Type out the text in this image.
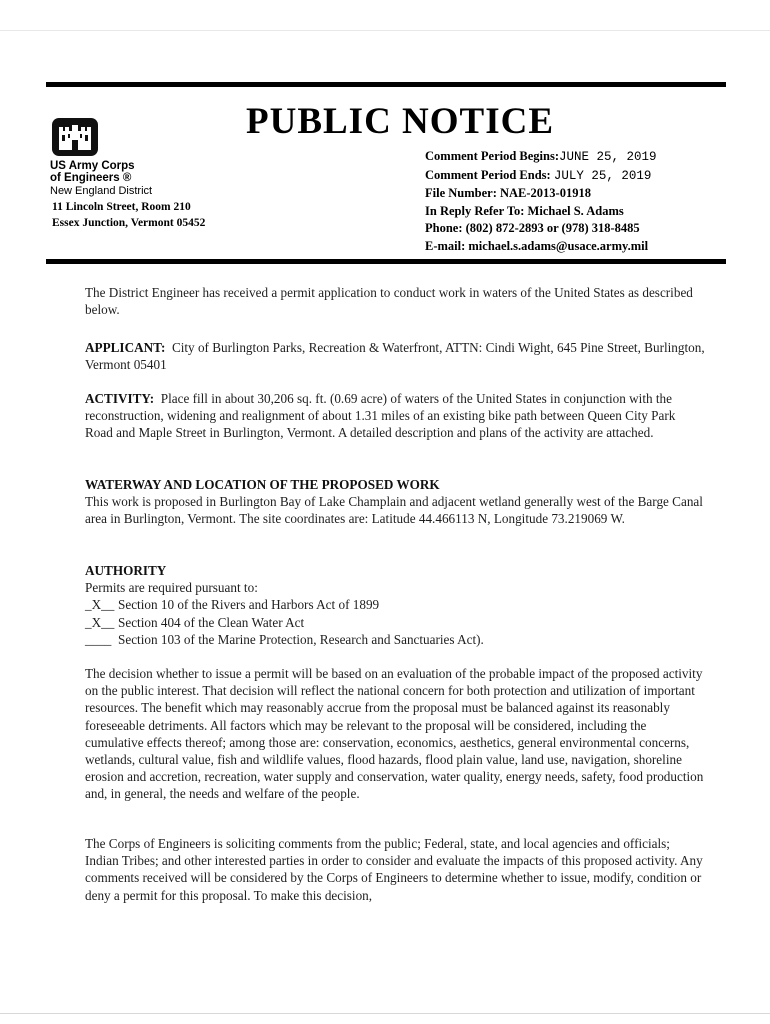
US Army Corps
of Engineers ®
New England District
11 Lincoln Street, Room 210
Essex Junction, Vermont 05452
PUBLIC NOTICE
Comment Period Begins:JUNE 25, 2019
Comment Period Ends: JULY 25, 2019
File Number: NAE-2013-01918
In Reply Refer To: Michael S. Adams
Phone: (802) 872-2893 or (978) 318-8485
E-mail: michael.s.adams@usace.army.mil

The District Engineer has received a permit application to conduct work in waters of the United States as described below.

APPLICANT: City of Burlington Parks, Recreation & Waterfront, ATTN: Cindi Wight, 645 Pine Street, Burlington, Vermont 05401

ACTIVITY: Place fill in about 30,206 sq. ft. (0.69 acre) of waters of the United States in conjunction with the reconstruction, widening and realignment of about 1.31 miles of an existing bike path between Queen City Park Road and Maple Street in Burlington, Vermont. A detailed description and plans of the activity are attached.

WATERWAY AND LOCATION OF THE PROPOSED WORK

This work is proposed in Burlington Bay of Lake Champlain and adjacent wetland generally west of the Barge Canal area in Burlington, Vermont. The site coordinates are: Latitude 44.466113 N, Longitude 73.219069 W.

AUTHORITY

Permits are required pursuant to:

_X__ Section 10 of the Rivers and Harbors Act of 1899
_X__ Section 404 of the Clean Water Act
____ Section 103 of the Marine Protection, Research and Sanctuaries Act).

The decision whether to issue a permit will be based on an evaluation of the probable impact of the proposed activity on the public interest. That decision will reflect the national concern for both protection and utilization of important resources. The benefit which may reasonably accrue from the proposal must be balanced against its reasonably foreseeable detriments. All factors which may be relevant to the proposal will be considered, including the cumulative effects thereof; among those are: conservation, economics, aesthetics, general environmental concerns, wetlands, cultural value, fish and wildlife values, flood hazards, flood plain value, land use, navigation, shoreline erosion and accretion, recreation, water supply and conservation, water quality, energy needs, safety, food production and, in general, the needs and welfare of the people.

The Corps of Engineers is soliciting comments from the public; Federal, state, and local agencies and officials; Indian Tribes; and other interested parties in order to consider and evaluate the impacts of this proposed activity. Any comments received will be considered by the Corps of Engineers to determine whether to issue, modify, condition or deny a permit for this proposal. To make this decision,
